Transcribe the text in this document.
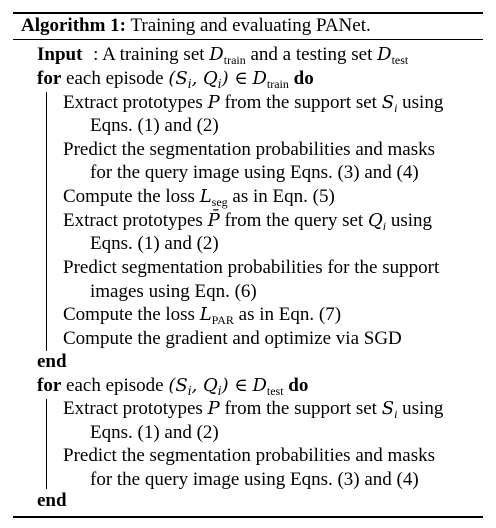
Algorithm 1: Training and evaluating PANet.
Input : A training set $D_{train}$ and a testing set $D_{test}$
for each episode ($S_i$, $Q_i$) ∈ $D_{train}$ do
Extract prototypes P from the support set $S_i$ using
Eqns. (1) and (2)
Predict the segmentation probabilities and masks
for the query image using Eqns. (3) and (4)
Compute the loss $L_{seg}$ as in Eqn. (5)
Extract prototypes P̄ from the query set $Q_i$ using
Eqns. (1) and (2)
Predict segmentation probabilities for the support
images using Eqn. (6)
Compute the loss $L_{PAR}$ as in Eqn. (7)
Compute the gradient and optimize via SGD
end
for each episode ($S_i$, $Q_i$) ∈ $D_{test}$ do
Extract prototypes P from the support set $S_i$ using
Eqns. (1) and (2)
Predict the segmentation probabilities and masks
for the query image using Eqns. (3) and (4)
end
